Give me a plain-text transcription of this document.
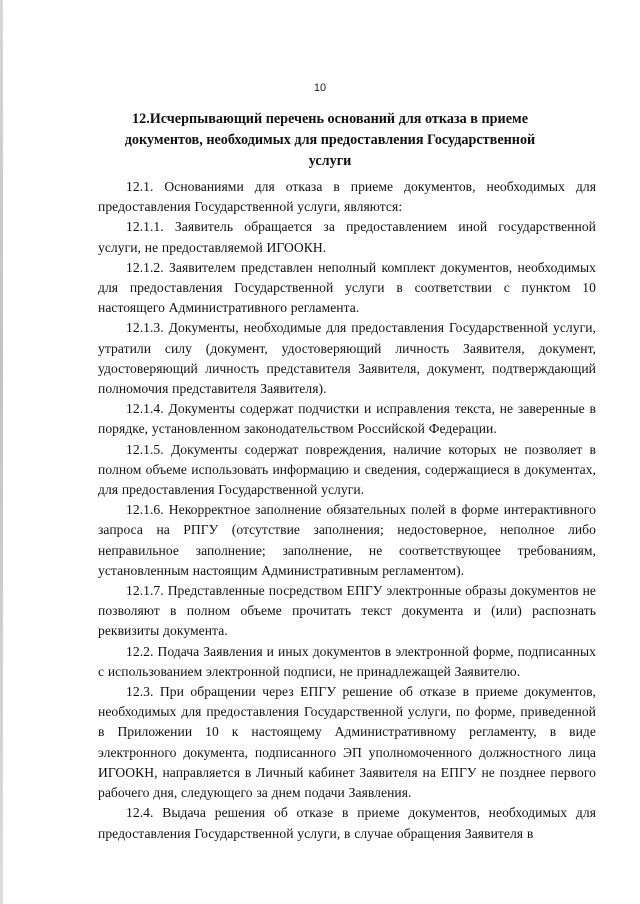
10
12.Исчерпывающий перечень оснований для отказа в приеме
документов, необходимых для предоставления Государственной
услуги

12.1. Основаниями для отказа в приеме документов, необходимых для предоставления Государственной услуги, являются:

12.1.1. Заявитель обращается за предоставлением иной государственной услуги, не предоставляемой ИГООКН.

12.1.2. Заявителем представлен неполный комплект документов, необходимых для предоставления Государственной услуги в соответствии с пунктом 10 настоящего Административного регламента.

12.1.3. Документы, необходимые для предоставления Государственной услуги, утратили силу (документ, удостоверяющий личность Заявителя, документ, удостоверяющий личность представителя Заявителя, документ, подтверждающий полномочия представителя Заявителя).

12.1.4. Документы содержат подчистки и исправления текста, не заверенные в порядке, установленном законодательством Российской Федерации.

12.1.5. Документы содержат повреждения, наличие которых не позволяет в полном объеме использовать информацию и сведения, содержащиеся в документах, для предоставления Государственной услуги.

12.1.6. Некорректное заполнение обязательных полей в форме интерактивного запроса на РПГУ (отсутствие заполнения; недостоверное, неполное либо неправильное заполнение; заполнение, не соответствующее требованиям, установленным настоящим Административным регламентом).

12.1.7. Представленные посредством ЕПГУ электронные образы документов не позволяют в полном объеме прочитать текст документа и (или) распознать реквизиты документа.

12.2. Подача Заявления и иных документов в электронной форме, подписанных с использованием электронной подписи, не принадлежащей Заявителю.

12.3. При обращении через ЕПГУ решение об отказе в приеме документов, необходимых для предоставления Государственной услуги, по форме, приведенной в Приложении 10 к настоящему Административному регламенту, в виде электронного документа, подписанного ЭП уполномоченного должностного лица ИГООКН, направляется в Личный кабинет Заявителя на ЕПГУ не позднее первого рабочего дня, следующего за днем подачи Заявления.

12.4. Выдача решения об отказе в приеме документов, необходимых для предоставления Государственной услуги, в случае обращения Заявителя в
